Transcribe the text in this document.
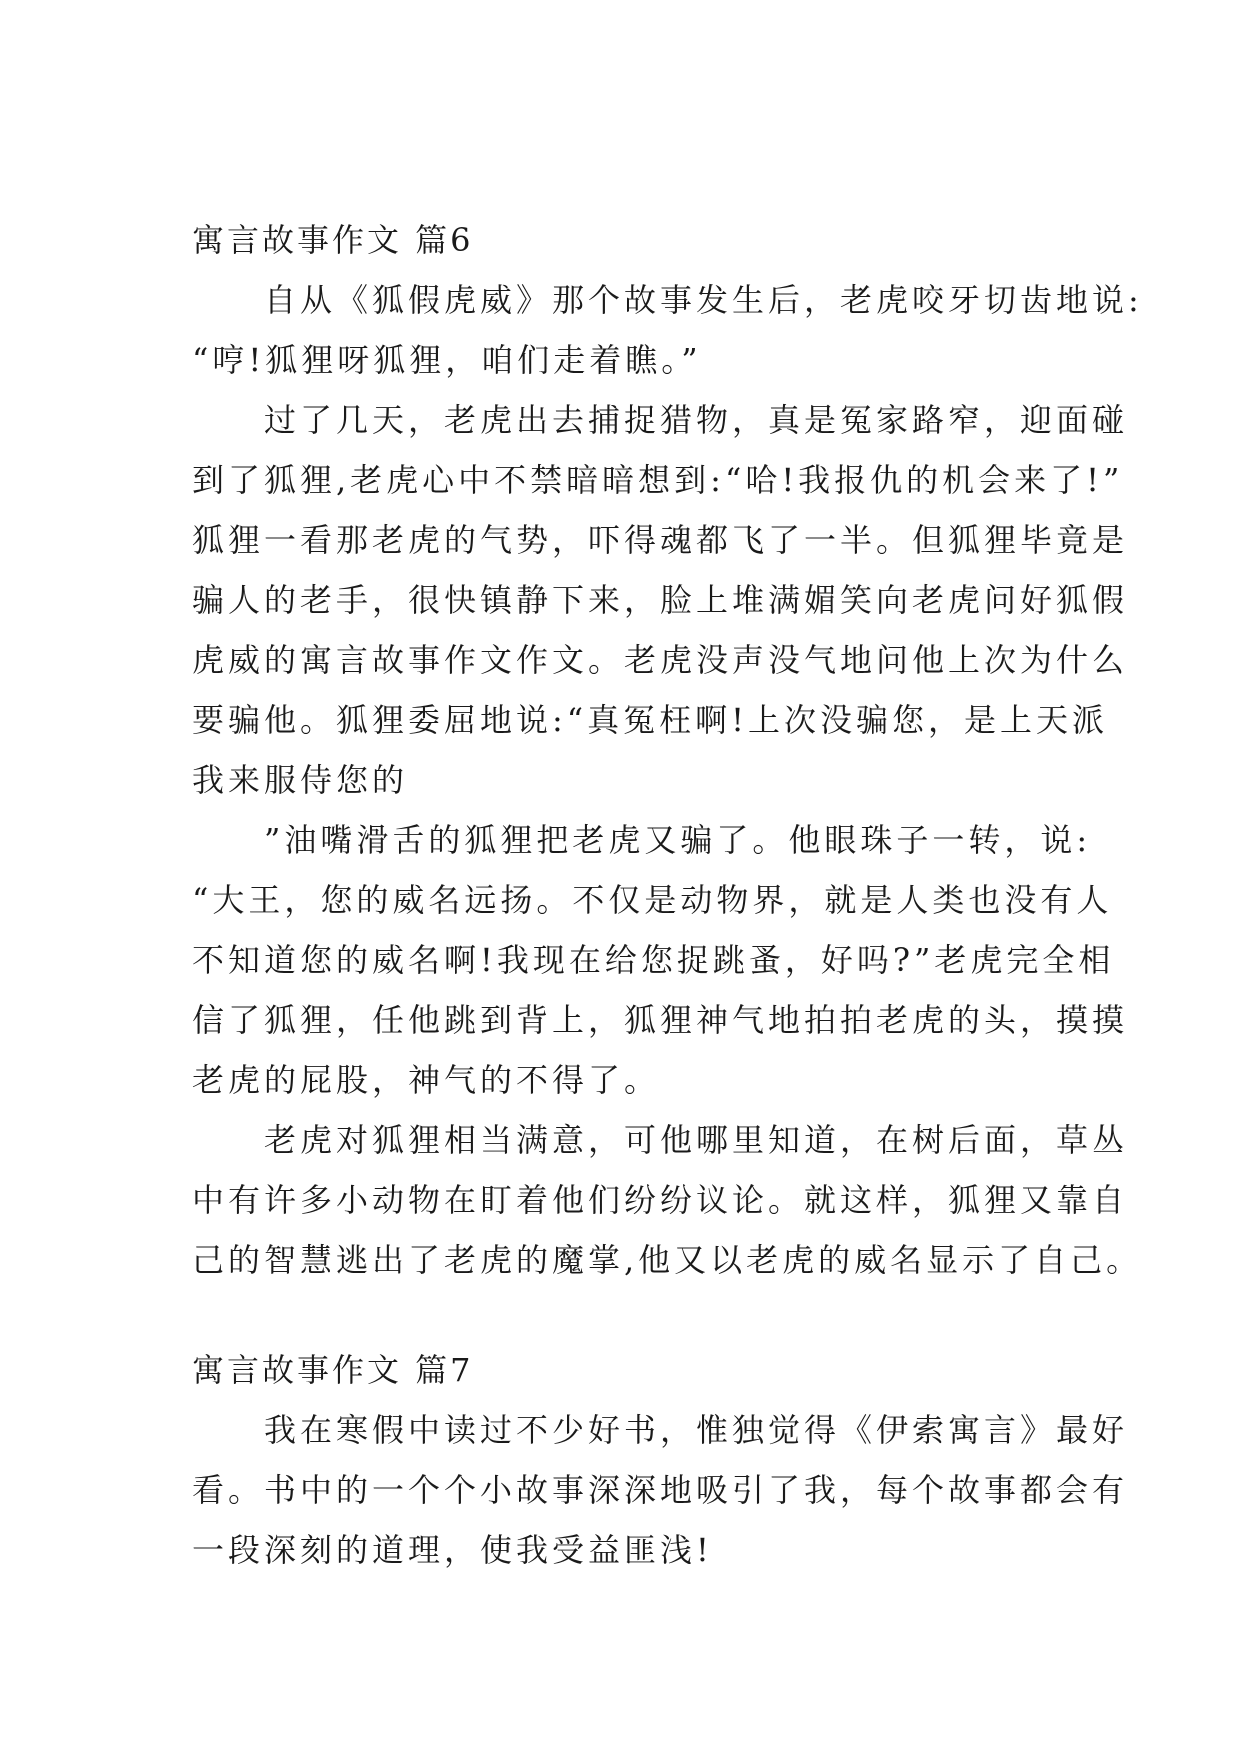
寓言故事作文 篇6
　　自从《狐假虎威》那个故事发生后，老虎咬牙切齿地说:
“哼!狐狸呀狐狸，咱们走着瞧。”
　　过了几天，老虎出去捕捉猎物，真是冤家路窄，迎面碰
到了狐狸,老虎心中不禁暗暗想到:“哈!我报仇的机会来了!”
狐狸一看那老虎的气势，吓得魂都飞了一半。但狐狸毕竟是
骗人的老手，很快镇静下来，脸上堆满媚笑向老虎问好狐假
虎威的寓言故事作文作文。老虎没声没气地问他上次为什么
要骗他。狐狸委屈地说:“真冤枉啊!上次没骗您，是上天派
我来服侍您的
　　”油嘴滑舌的狐狸把老虎又骗了。他眼珠子一转，说:
“大王，您的威名远扬。不仅是动物界，就是人类也没有人
不知道您的威名啊!我现在给您捉跳蚤，好吗?”老虎完全相
信了狐狸，任他跳到背上，狐狸神气地拍拍老虎的头，摸摸
老虎的屁股，神气的不得了。
　　老虎对狐狸相当满意，可他哪里知道，在树后面，草丛
中有许多小动物在盯着他们纷纷议论。就这样，狐狸又靠自
己的智慧逃出了老虎的魔掌,他又以老虎的威名显示了自己。
寓言故事作文 篇7
　　我在寒假中读过不少好书，惟独觉得《伊索寓言》最好
看。书中的一个个小故事深深地吸引了我，每个故事都会有
一段深刻的道理，使我受益匪浅!
